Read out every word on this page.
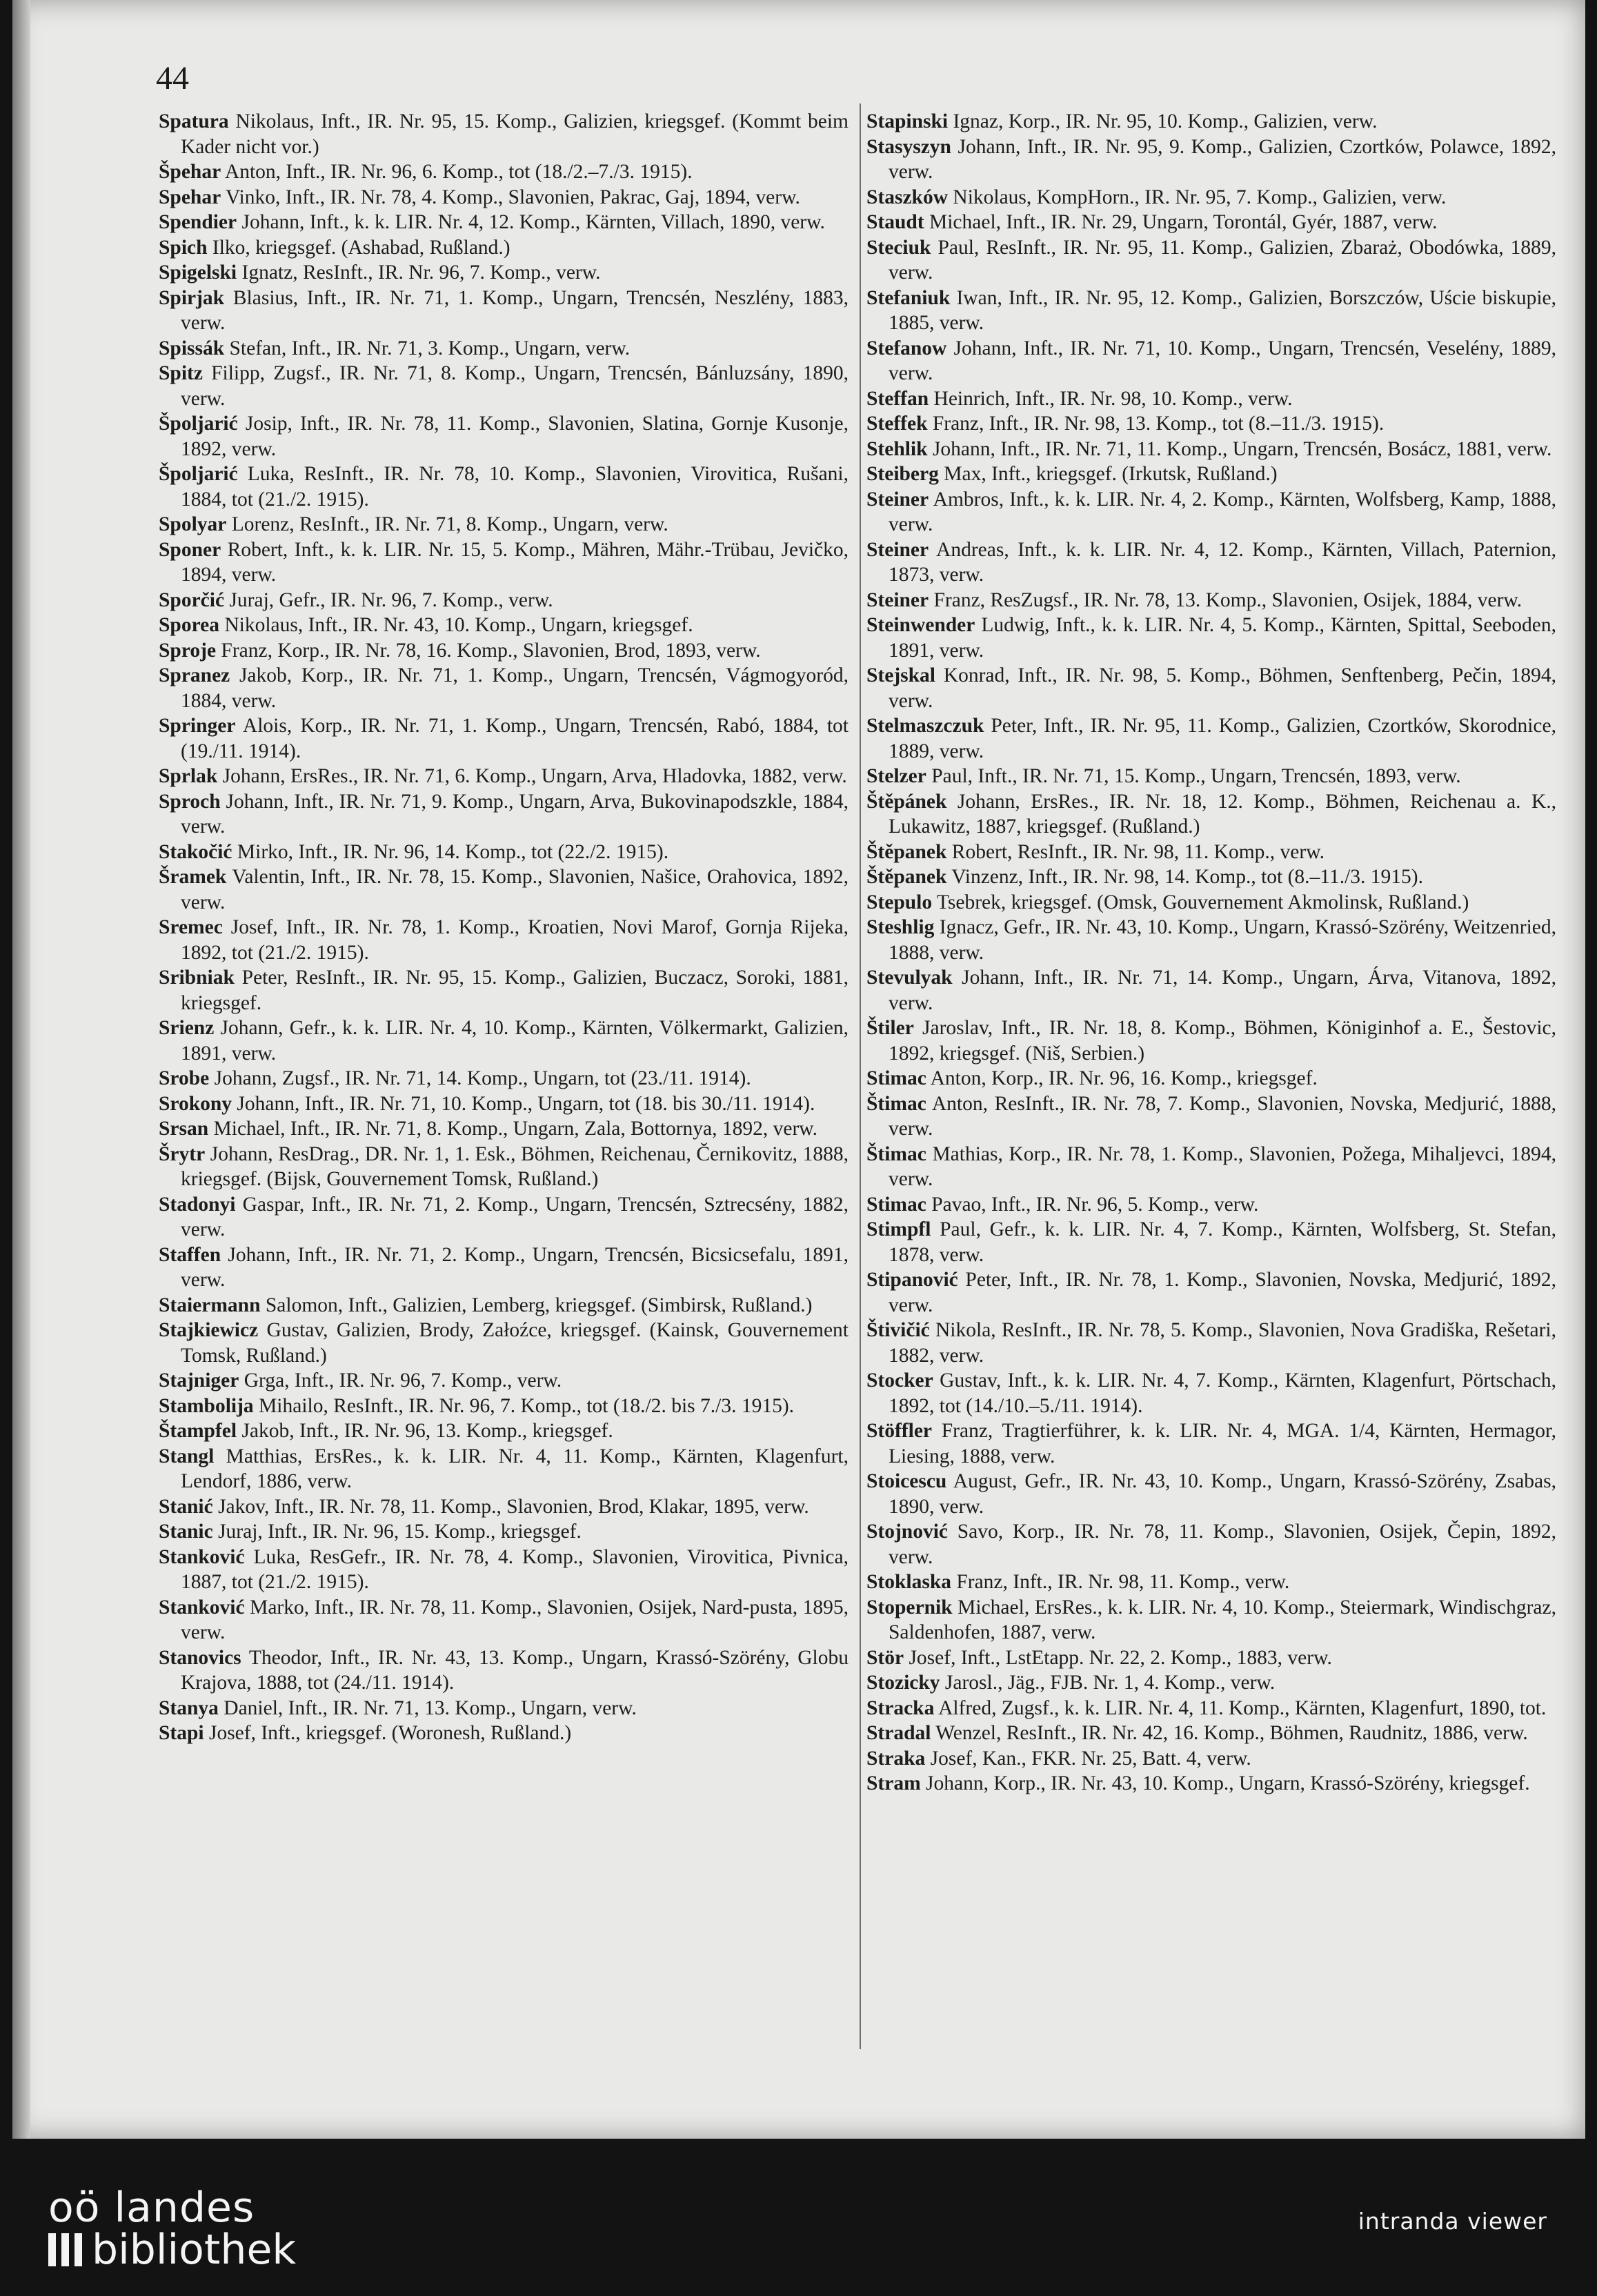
44
Spatura Nikolaus, Inft., IR. Nr. 95, 15. Komp., Galizien, kriegsgef. (Kommt beim Kader nicht vor.)
Špehar Anton, Inft., IR. Nr. 96, 6. Komp., tot (18./2.–7./3. 1915).
Spehar Vinko, Inft., IR. Nr. 78, 4. Komp., Slavonien, Pakrac, Gaj, 1894, verw.
Spendier Johann, Inft., k. k. LIR. Nr. 4, 12. Komp., Kärnten, Villach, 1890, verw.
Spich Ilko, kriegsgef. (Ashabad, Rußland.)
Spigelski Ignatz, ResInft., IR. Nr. 96, 7. Komp., verw.
Spirjak Blasius, Inft., IR. Nr. 71, 1. Komp., Ungarn, Trencsén, Neszlény, 1883, verw.
Spissák Stefan, Inft., IR. Nr. 71, 3. Komp., Ungarn, verw.
Spitz Filipp, Zugsf., IR. Nr. 71, 8. Komp., Ungarn, Trencsén, Bánluzsány, 1890, verw.
Špoljarić Josip, Inft., IR. Nr. 78, 11. Komp., Slavonien, Slatina, Gornje Kusonje, 1892, verw.
Špoljarić Luka, ResInft., IR. Nr. 78, 10. Komp., Slavonien, Virovitica, Rušani, 1884, tot (21./2. 1915).
Spolyar Lorenz, ResInft., IR. Nr. 71, 8. Komp., Ungarn, verw.
Sponer Robert, Inft., k. k. LIR. Nr. 15, 5. Komp., Mähren, Mähr.-Trübau, Jevičko, 1894, verw.
Sporčić Juraj, Gefr., IR. Nr. 96, 7. Komp., verw.
Sporea Nikolaus, Inft., IR. Nr. 43, 10. Komp., Ungarn, kriegsgef.
Sproje Franz, Korp., IR. Nr. 78, 16. Komp., Slavonien, Brod, 1893, verw.
Spranez Jakob, Korp., IR. Nr. 71, 1. Komp., Ungarn, Trencsén, Vágmogyoród, 1884, verw.
Springer Alois, Korp., IR. Nr. 71, 1. Komp., Ungarn, Trencsén, Rabó, 1884, tot (19./11. 1914).
Sprlak Johann, ErsRes., IR. Nr. 71, 6. Komp., Ungarn, Arva, Hladovka, 1882, verw.
Sproch Johann, Inft., IR. Nr. 71, 9. Komp., Ungarn, Arva, Bukovinapodszkle, 1884, verw.
Stakočić Mirko, Inft., IR. Nr. 96, 14. Komp., tot (22./2. 1915).
Šramek Valentin, Inft., IR. Nr. 78, 15. Komp., Slavonien, Našice, Orahovica, 1892, verw.
Sremec Josef, Inft., IR. Nr. 78, 1. Komp., Kroatien, Novi Marof, Gornja Rijeka, 1892, tot (21./2. 1915).
Sribniak Peter, ResInft., IR. Nr. 95, 15. Komp., Galizien, Buczacz, Soroki, 1881, kriegsgef.
Srienz Johann, Gefr., k. k. LIR. Nr. 4, 10. Komp., Kärnten, Völkermarkt, Galizien, 1891, verw.
Srobe Johann, Zugsf., IR. Nr. 71, 14. Komp., Ungarn, tot (23./11. 1914).
Srokony Johann, Inft., IR. Nr. 71, 10. Komp., Ungarn, tot (18. bis 30./11. 1914).
Srsan Michael, Inft., IR. Nr. 71, 8. Komp., Ungarn, Zala, Bottornya, 1892, verw.
Šrytr Johann, ResDrag., DR. Nr. 1, 1. Esk., Böhmen, Reichenau, Černikovitz, 1888, kriegsgef. (Bijsk, Gouvernement Tomsk, Rußland.)
Stadonyi Gaspar, Inft., IR. Nr. 71, 2. Komp., Ungarn, Trencsén, Sztrecsény, 1882, verw.
Staffen Johann, Inft., IR. Nr. 71, 2. Komp., Ungarn, Trencsén, Bicsicsefalu, 1891, verw.
Staiermann Salomon, Inft., Galizien, Lemberg, kriegsgef. (Simbirsk, Rußland.)
Stajkiewicz Gustav, Galizien, Brody, Załoźce, kriegsgef. (Kainsk, Gouvernement Tomsk, Rußland.)
Stajniger Grga, Inft., IR. Nr. 96, 7. Komp., verw.
Stambolija Mihailo, ResInft., IR. Nr. 96, 7. Komp., tot (18./2. bis 7./3. 1915).
Štampfel Jakob, Inft., IR. Nr. 96, 13. Komp., kriegsgef.
Stangl Matthias, ErsRes., k. k. LIR. Nr. 4, 11. Komp., Kärnten, Klagenfurt, Lendorf, 1886, verw.
Stanić Jakov, Inft., IR. Nr. 78, 11. Komp., Slavonien, Brod, Klakar, 1895, verw.
Stanic Juraj, Inft., IR. Nr. 96, 15. Komp., kriegsgef.
Stanković Luka, ResGefr., IR. Nr. 78, 4. Komp., Slavonien, Virovitica, Pivnica, 1887, tot (21./2. 1915).
Stanković Marko, Inft., IR. Nr. 78, 11. Komp., Slavonien, Osijek, Nard-pusta, 1895, verw.
Stanovics Theodor, Inft., IR. Nr. 43, 13. Komp., Ungarn, Krassó-Szörény, Globu Krajova, 1888, tot (24./11. 1914).
Stanya Daniel, Inft., IR. Nr. 71, 13. Komp., Ungarn, verw.
Stapi Josef, Inft., kriegsgef. (Woronesh, Rußland.)
Stapinski Ignaz, Korp., IR. Nr. 95, 10. Komp., Galizien, verw.
Stasyszyn Johann, Inft., IR. Nr. 95, 9. Komp., Galizien, Czortków, Polawce, 1892, verw.
Staszków Nikolaus, KompHorn., IR. Nr. 95, 7. Komp., Galizien, verw.
Staudt Michael, Inft., IR. Nr. 29, Ungarn, Torontál, Gyér, 1887, verw.
Steciuk Paul, ResInft., IR. Nr. 95, 11. Komp., Galizien, Zbaraż, Obodówka, 1889, verw.
Stefaniuk Iwan, Inft., IR. Nr. 95, 12. Komp., Galizien, Borszczów, Uście biskupie, 1885, verw.
Stefanow Johann, Inft., IR. Nr. 71, 10. Komp., Ungarn, Trencsén, Veselény, 1889, verw.
Steffan Heinrich, Inft., IR. Nr. 98, 10. Komp., verw.
Steffek Franz, Inft., IR. Nr. 98, 13. Komp., tot (8.–11./3. 1915).
Stehlik Johann, Inft., IR. Nr. 71, 11. Komp., Ungarn, Trencsén, Bosácz, 1881, verw.
Steiberg Max, Inft., kriegsgef. (Irkutsk, Rußland.)
Steiner Ambros, Inft., k. k. LIR. Nr. 4, 2. Komp., Kärnten, Wolfsberg, Kamp, 1888, verw.
Steiner Andreas, Inft., k. k. LIR. Nr. 4, 12. Komp., Kärnten, Villach, Paternion, 1873, verw.
Steiner Franz, ResZugsf., IR. Nr. 78, 13. Komp., Slavonien, Osijek, 1884, verw.
Steinwender Ludwig, Inft., k. k. LIR. Nr. 4, 5. Komp., Kärnten, Spittal, Seeboden, 1891, verw.
Stejskal Konrad, Inft., IR. Nr. 98, 5. Komp., Böhmen, Senftenberg, Pečin, 1894, verw.
Stelmaszczuk Peter, Inft., IR. Nr. 95, 11. Komp., Galizien, Czortków, Skorodnice, 1889, verw.
Stelzer Paul, Inft., IR. Nr. 71, 15. Komp., Ungarn, Trencsén, 1893, verw.
Štěpánek Johann, ErsRes., IR. Nr. 18, 12. Komp., Böhmen, Reichenau a. K., Lukawitz, 1887, kriegsgef. (Rußland.)
Štěpanek Robert, ResInft., IR. Nr. 98, 11. Komp., verw.
Štěpanek Vinzenz, Inft., IR. Nr. 98, 14. Komp., tot (8.–11./3. 1915).
Stepulo Tsebrek, kriegsgef. (Omsk, Gouvernement Akmolinsk, Rußland.)
Steshlig Ignacz, Gefr., IR. Nr. 43, 10. Komp., Ungarn, Krassó-Szörény, Weitzenried, 1888, verw.
Stevulyak Johann, Inft., IR. Nr. 71, 14. Komp., Ungarn, Árva, Vitanova, 1892, verw.
Štiler Jaroslav, Inft., IR. Nr. 18, 8. Komp., Böhmen, Königinhof a. E., Šestovic, 1892, kriegsgef. (Niš, Serbien.)
Stimac Anton, Korp., IR. Nr. 96, 16. Komp., kriegsgef.
Štimac Anton, ResInft., IR. Nr. 78, 7. Komp., Slavonien, Novska, Medjurić, 1888, verw.
Štimac Mathias, Korp., IR. Nr. 78, 1. Komp., Slavonien, Požega, Mihaljevci, 1894, verw.
Stimac Pavao, Inft., IR. Nr. 96, 5. Komp., verw.
Stimpfl Paul, Gefr., k. k. LIR. Nr. 4, 7. Komp., Kärnten, Wolfsberg, St. Stefan, 1878, verw.
Stipanović Peter, Inft., IR. Nr. 78, 1. Komp., Slavonien, Novska, Medjurić, 1892, verw.
Štivičić Nikola, ResInft., IR. Nr. 78, 5. Komp., Slavonien, Nova Gradiška, Rešetari, 1882, verw.
Stocker Gustav, Inft., k. k. LIR. Nr. 4, 7. Komp., Kärnten, Klagenfurt, Pörtschach, 1892, tot (14./10.–5./11. 1914).
Stöffler Franz, Tragtierführer, k. k. LIR. Nr. 4, MGA. 1/4, Kärnten, Hermagor, Liesing, 1888, verw.
Stoicescu August, Gefr., IR. Nr. 43, 10. Komp., Ungarn, Krassó-Szörény, Zsabas, 1890, verw.
Stojnović Savo, Korp., IR. Nr. 78, 11. Komp., Slavonien, Osijek, Čepin, 1892, verw.
Stoklaska Franz, Inft., IR. Nr. 98, 11. Komp., verw.
Stopernik Michael, ErsRes., k. k. LIR. Nr. 4, 10. Komp., Steiermark, Windischgraz, Saldenhofen, 1887, verw.
Stör Josef, Inft., LstEtapp. Nr. 22, 2. Komp., 1883, verw.
Stozicky Jarosl., Jäg., FJB. Nr. 1, 4. Komp., verw.
Stracka Alfred, Zugsf., k. k. LIR. Nr. 4, 11. Komp., Kärnten, Klagenfurt, 1890, tot.
Stradal Wenzel, ResInft., IR. Nr. 42, 16. Komp., Böhmen, Raudnitz, 1886, verw.
Straka Josef, Kan., FKR. Nr. 25, Batt. 4, verw.
Stram Johann, Korp., IR. Nr. 43, 10. Komp., Ungarn, Krassó-Szörény, kriegsgef.
oö landes
bibliothek
intranda viewer
